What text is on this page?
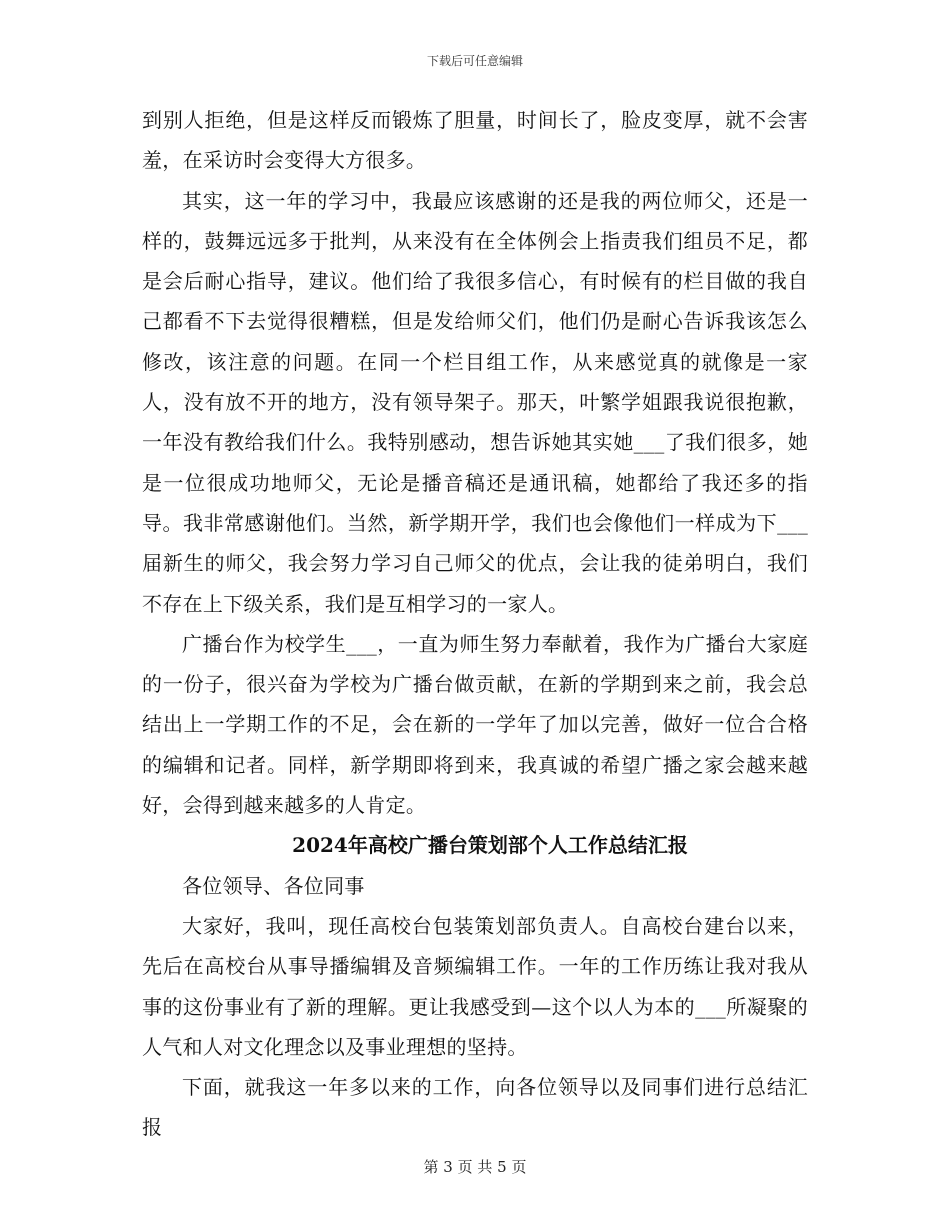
下载后可任意编辑

到别人拒绝，但是这样反而锻炼了胆量，时间长了，脸皮变厚，就不会害羞，在采访时会变得大方很多。

其实，这一年的学习中，我最应该感谢的还是我的两位师父，还是一样的，鼓舞远远多于批判，从来没有在全体例会上指责我们组员不足，都是会后耐心指导，建议。他们给了我很多信心，有时候有的栏目做的我自己都看不下去觉得很糟糕，但是发给师父们，他们仍是耐心告诉我该怎么修改，该注意的问题。在同一个栏目组工作，从来感觉真的就像是一家人，没有放不开的地方，没有领导架子。那天，叶繁学姐跟我说很抱歉，一年没有教给我们什么。我特别感动，想告诉她其实她___了我们很多，她是一位很成功地师父，无论是播音稿还是通讯稿，她都给了我还多的指导。我非常感谢他们。当然，新学期开学，我们也会像他们一样成为下___届新生的师父，我会努力学习自己师父的优点，会让我的徒弟明白，我们不存在上下级关系，我们是互相学习的一家人。

广播台作为校学生___，一直为师生努力奉献着，我作为广播台大家庭的一份子，很兴奋为学校为广播台做贡献，在新的学期到来之前，我会总结出上一学期工作的不足，会在新的一学年了加以完善，做好一位合合格的编辑和记者。同样，新学期即将到来，我真诚的希望广播之家会越来越好，会得到越来越多的人肯定。

2024年高校广播台策划部个人工作总结汇报

各位领导、各位同事

大家好，我叫，现任高校台包装策划部负责人。自高校台建台以来，先后在高校台从事导播编辑及音频编辑工作。一年的工作历练让我对我从事的这份事业有了新的理解。更让我感受到—这个以人为本的___所凝聚的人气和人对文化理念以及事业理想的坚持。

下面，就我这一年多以来的工作，向各位领导以及同事们进行总结汇报

第 3 页 共 5 页
